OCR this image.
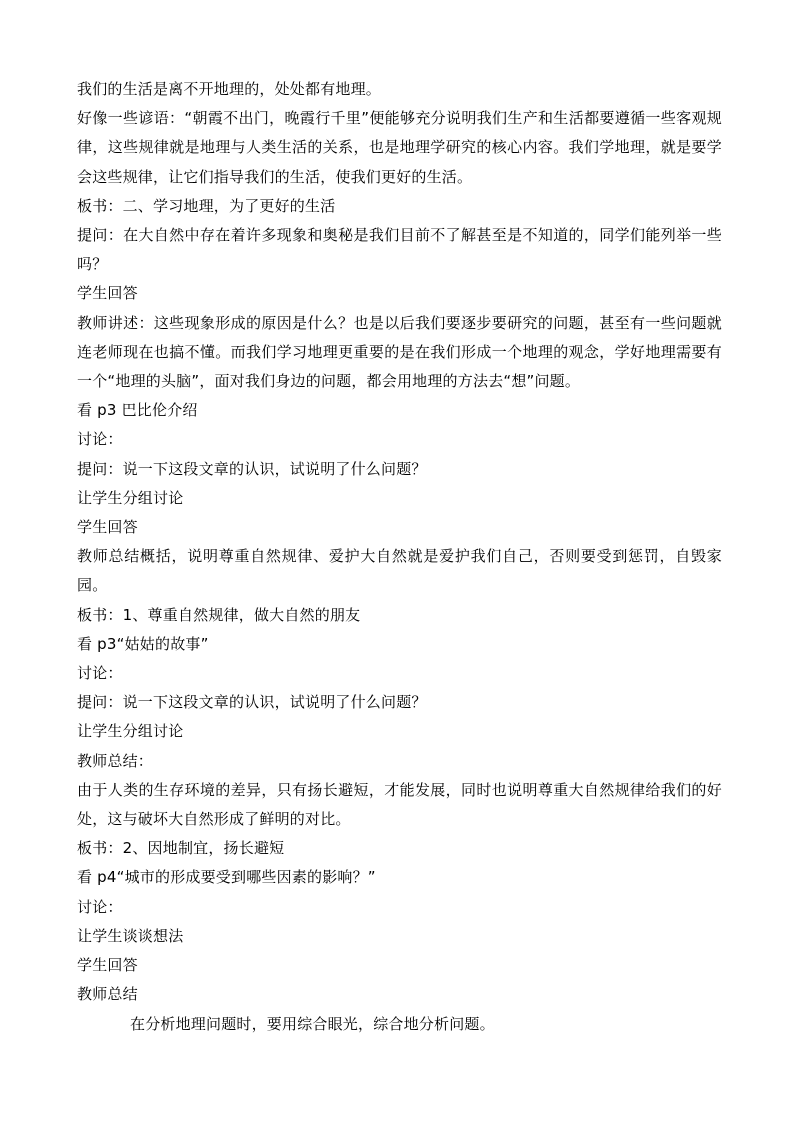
我们的生活是离不开地理的，处处都有地理。

好像一些谚语：“朝霞不出门，晚霞行千里”便能够充分说明我们生产和生活都要遵循一些客观规律，这些规律就是地理与人类生活的关系，也是地理学研究的核心内容。我们学地理，就是要学会这些规律，让它们指导我们的生活，使我们更好的生活。

板书：二、学习地理，为了更好的生活

提问：在大自然中存在着许多现象和奥秘是我们目前不了解甚至是不知道的，同学们能列举一些吗？

学生回答

教师讲述：这些现象形成的原因是什么？也是以后我们要逐步要研究的问题，甚至有一些问题就连老师现在也搞不懂。而我们学习地理更重要的是在我们形成一个地理的观念，学好地理需要有一个“地理的头脑”，面对我们身边的问题，都会用地理的方法去“想”问题。

看 p3 巴比伦介绍

讨论：

提问：说一下这段文章的认识，试说明了什么问题？

让学生分组讨论

学生回答

教师总结概括，说明尊重自然规律、爱护大自然就是爱护我们自己，否则要受到惩罚，自毁家园。

板书：1、尊重自然规律，做大自然的朋友

看 p3“姑姑的故事”

讨论：

提问：说一下这段文章的认识，试说明了什么问题？

让学生分组讨论

教师总结：

由于人类的生存环境的差异，只有扬长避短，才能发展，同时也说明尊重大自然规律给我们的好处，这与破坏大自然形成了鲜明的对比。

板书：2、因地制宜，扬长避短

看 p4“城市的形成要受到哪些因素的影响？”

讨论：

让学生谈谈想法

学生回答

教师总结

在分析地理问题时，要用综合眼光，综合地分析问题。
